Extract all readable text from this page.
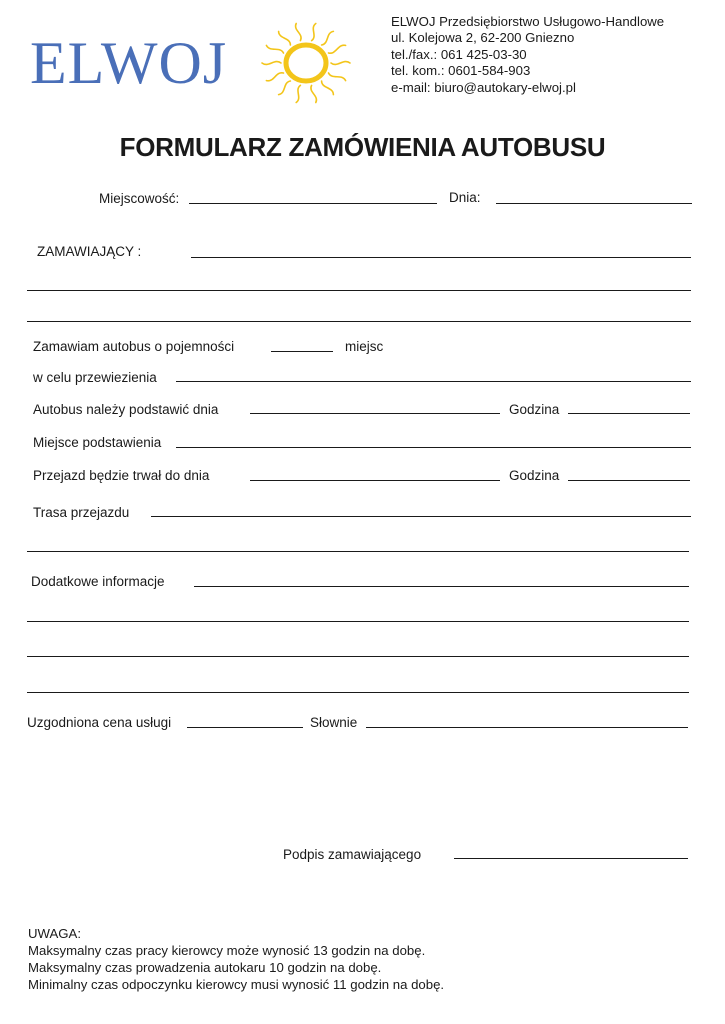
ELWOJ
ELWOJ Przedsiębiorstwo Usługowo-Handlowe
ul. Kolejowa 2, 62-200 Gniezno
tel./fax.: 061 425-03-30
tel. kom.: 0601-584-903
e-mail: biuro@autokary-elwoj.pl
FORMULARZ ZAMÓWIENIA AUTOBUSU
Miejscowość:	Dnia:
ZAMAWIAJĄCY :
Zamawiam autobus o pojemności	miejsc
w celu przewiezienia
Autobus należy podstawić dnia	Godzina
Miejsce podstawienia
Przejazd będzie trwał do dnia	Godzina
Trasa przejazdu
Dodatkowe informacje
Uzgodniona cena usługi	Słownie
Podpis zamawiającego
UWAGA:
Maksymalny czas pracy kierowcy może wynosić 13 godzin na dobę.
Maksymalny czas prowadzenia autokaru 10 godzin na dobę.
Minimalny czas odpoczynku kierowcy musi wynosić 11 godzin na dobę.
